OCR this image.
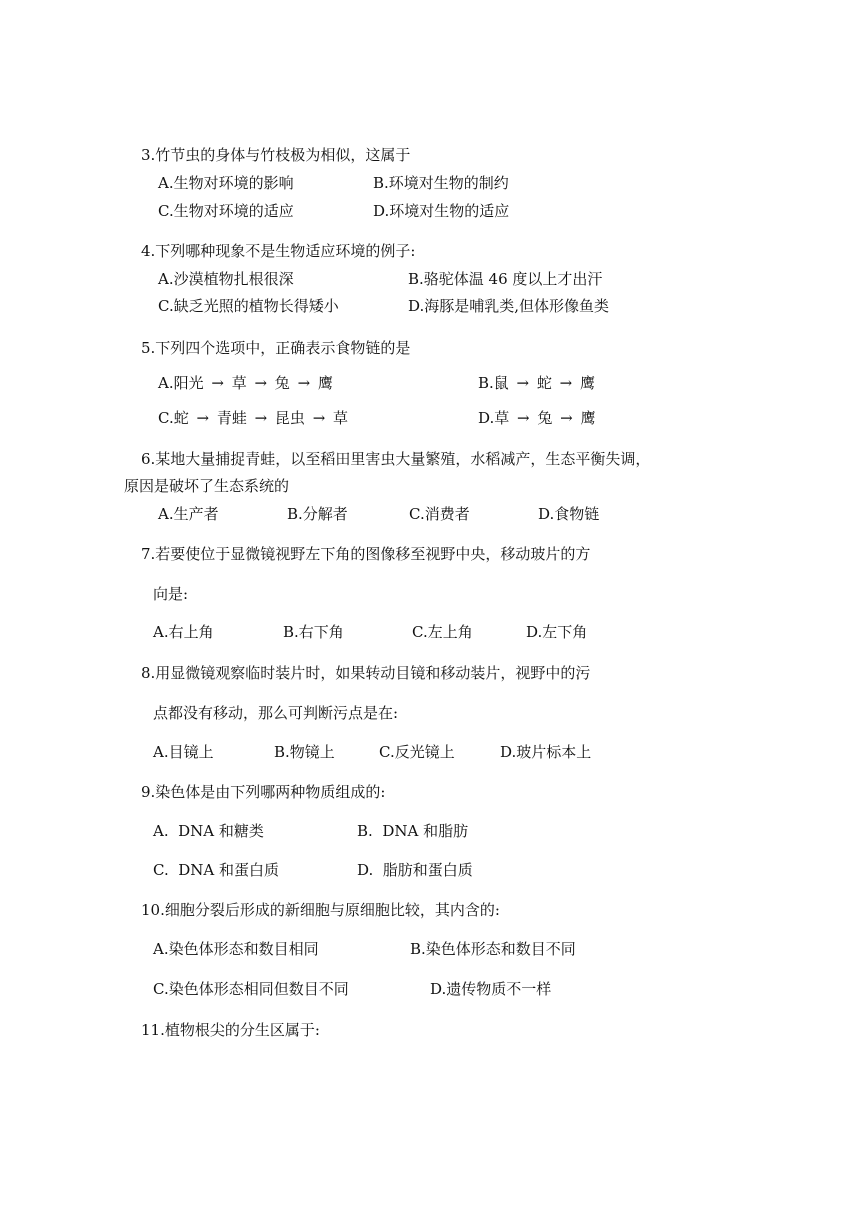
3.竹节虫的身体与竹枝极为相似，这属于
A.生物对环境的影响	B.环境对生物的制约
C.生物对环境的适应	D.环境对生物的适应
4.下列哪种现象不是生物适应环境的例子:
A.沙漠植物扎根很深	B.骆驼体温 46 度以上才出汗
C.缺乏光照的植物长得矮小	D.海豚是哺乳类,但体形像鱼类
5.下列四个选项中，正确表示食物链的是
A.阳光 → 草 → 兔 → 鹰	B.鼠 → 蛇 → 鹰
C.蛇 → 青蛙 → 昆虫 → 草	D.草 → 兔 → 鹰
6.某地大量捕捉青蛙，以至稻田里害虫大量繁殖，水稻减产，生态平衡失调，
原因是破坏了生态系统的
A.生产者	B.分解者	C.消费者	D.食物链
7.若要使位于显微镜视野左下角的图像移至视野中央，移动玻片的方
向是:
A.右上角	B.右下角	C.左上角	D.左下角
8.用显微镜观察临时装片时，如果转动目镜和移动装片，视野中的污
点都没有移动，那么可判断污点是在:
A.目镜上	B.物镜上	C.反光镜上	D.玻片标本上
9.染色体是由下列哪两种物质组成的:
A.  DNA 和糖类	B.  DNA 和脂肪
C.  DNA 和蛋白质	D.  脂肪和蛋白质
10.细胞分裂后形成的新细胞与原细胞比较，其内含的:
A.染色体形态和数目相同	B.染色体形态和数目不同
C.染色体形态相同但数目不同	D.遗传物质不一样
11.植物根尖的分生区属于:
